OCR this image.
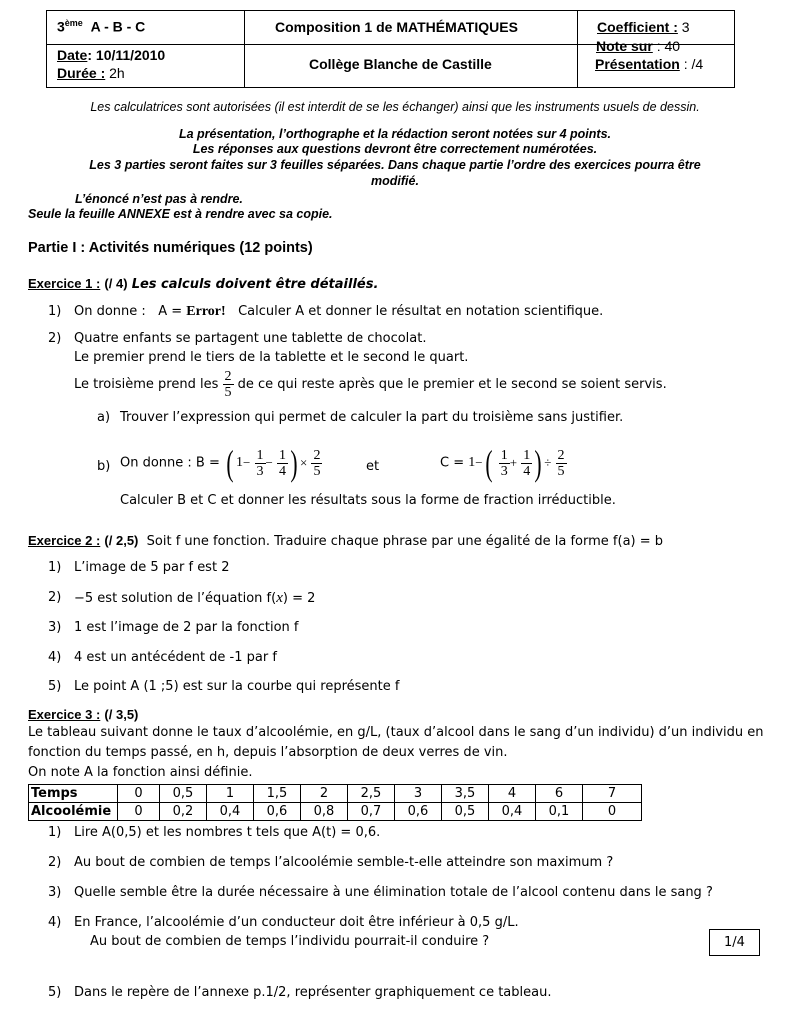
3ème A - B - C	Composition 1 de MATHÉMATIQUES	Coefficient : 3
Date: 10/11/2010
Durée : 2h
Collège Blanche de Castille
Note sur : 40
Présentation : /4
Les calculatrices sont autorisées (il est interdit de se les échanger) ainsi que les instruments usuels de dessin.
La présentation, l’orthographe et la rédaction seront notées sur 4 points.
Les réponses aux questions devront être correctement numérotées.
Les 3 parties seront faites sur 3 feuilles séparées. Dans chaque partie l’ordre des exercices pourra être
modifié.
L’énoncé n’est pas à rendre.
Seule la feuille ANNEXE est à rendre avec sa copie.
Partie I : Activités numériques (12 points)
Exercice 1 : (/ 4) Les calculs doivent être détaillés.
1) On donne : A = Error! Calculer A et donner le résultat en notation scientifique.
2) Quatre enfants se partagent une tablette de chocolat.
Le premier prend le tiers de la tablette et le second le quart.
Le troisième prend les $\frac{2}{5}$ de ce qui reste après que le premier et le second se soient servis.
a) Trouver l’expression qui permet de calculer la part du troisième sans justifier.
b) On donne : B = ( $1- \frac{1}{3} - \frac{1}{4}$ ) × $\frac{2}{5}$	et	$C = 1-( \frac{1}{3} + \frac{1}{4}$ ) ÷ $\frac{2}{5}$
Calculer B et C et donner les résultats sous la forme de fraction irréductible.
Exercice 2 : (/ 2,5) Soit f une fonction. Traduire chaque phrase par une égalité de la forme f(a) = b
1) L’image de 5 par f est 2
2) −5 est solution de l’équation f(x) = 2
3) 1 est l’image de 2 par la fonction f
4) 4 est un antécédent de -1 par f
5) Le point A (1 ;5) est sur la courbe qui représente f
Exercice 3 : (/ 3,5)
Le tableau suivant donne le taux d’alcoolémie, en g/L, (taux d’alcool dans le sang d’un individu) d’un individu en
fonction du temps passé, en h, depuis l’absorption de deux verres de vin.
On note A la fonction ainsi définie.
Temps	0	0,5	1	1,5	2	2,5	3	3,5	4	6	7
Alcoolémie	0	0,2	0,4	0,6	0,8	0,7	0,6	0,5	0,4	0,1	0
1) Lire A(0,5) et les nombres t tels que A(t) = 0,6.
2) Au bout de combien de temps l’alcoolémie semble-t-elle atteindre son maximum ?
3) Quelle semble être la durée nécessaire à une élimination totale de l’alcool contenu dans le sang ?
4) En France, l’alcoolémie d’un conducteur doit être inférieur à 0,5 g/L.
Au bout de combien de temps l’individu pourrait-il conduire ?
5) Dans le repère de l’annexe p.1/2, représenter graphiquement ce tableau.
1/4
